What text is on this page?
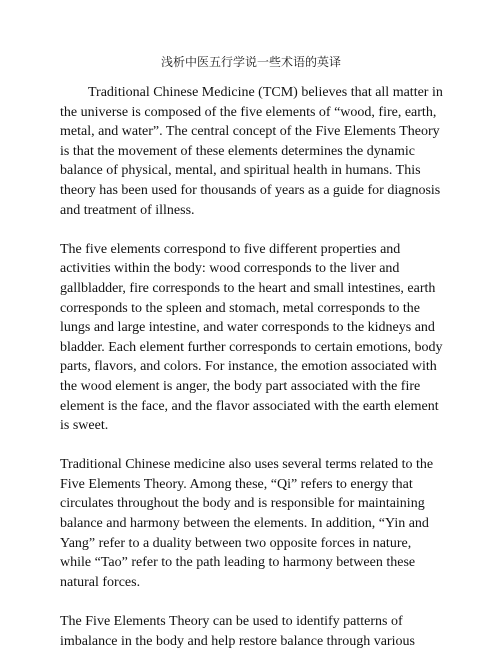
浅析中医五行学说一些术语的英译

Traditional Chinese Medicine (TCM) believes that all matter in the universe is composed of the five elements of “wood, fire, earth, metal, and water”. The central concept of the Five Elements Theory is that the movement of these elements determines the dynamic balance of physical, mental, and spiritual health in humans. This theory has been used for thousands of years as a guide for diagnosis and treatment of illness.

The five elements correspond to five different properties and activities within the body: wood corresponds to the liver and gallbladder, fire corresponds to the heart and small intestines, earth corresponds to the spleen and stomach, metal corresponds to the lungs and large intestine, and water corresponds to the kidneys and bladder. Each element further corresponds to certain emotions, body parts, flavors, and colors. For instance, the emotion associated with the wood element is anger, the body part associated with the fire element is the face, and the flavor associated with the earth element is sweet.

Traditional Chinese medicine also uses several terms related to the Five Elements Theory. Among these, “Qi” refers to energy that circulates throughout the body and is responsible for maintaining balance and harmony between the elements. In addition, “Yin and Yang” refer to a duality between two opposite forces in nature, while “Tao” refer to the path leading to harmony between these natural forces.

The Five Elements Theory can be used to identify patterns of imbalance in the body and help restore balance through various
